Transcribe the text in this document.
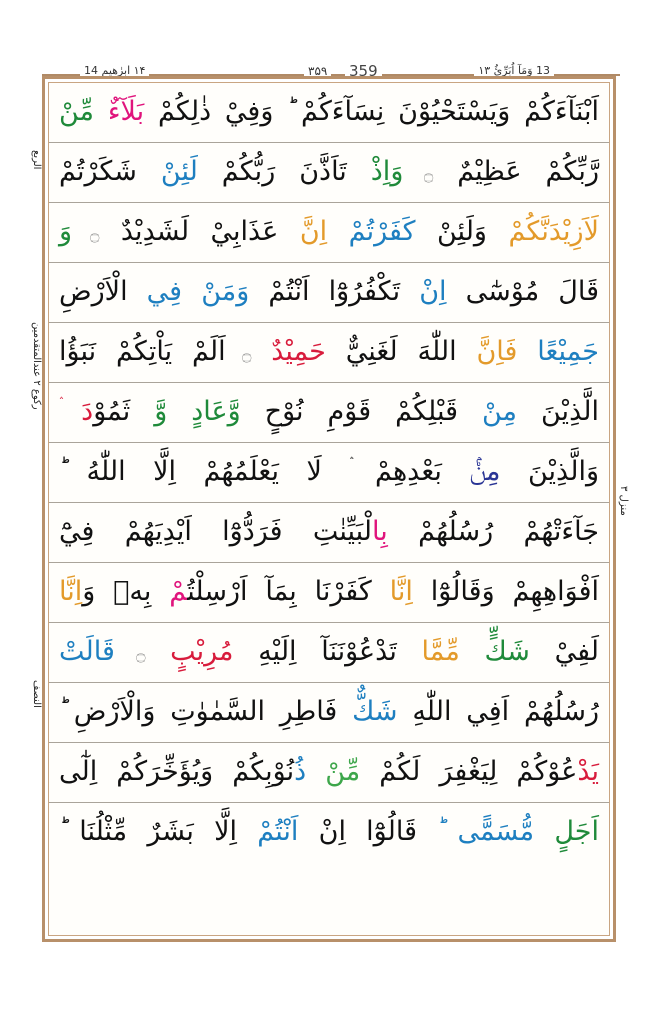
۱۴ ابرٰهیم 14	۳۵۹ 359	13 وَمَآ اُبَرِّئُ ۱۳
اَبْنَآءَكُمْ وَيَسْتَحْيُوْنَ نِسَآءَكُمْ ؕ وَفِيْ ذٰلِكُمْ بَلَآءٌ مِّنْ
رَّبِّكُمْ عَظِيْمٌ ۝ وَاِذْ تَاَذَّنَ رَبُّكُمْ لَئِنْ شَكَرْتُمْ
لَاَزِيْدَنَّكُمْ وَلَئِنْ كَفَرْتُمْ اِنَّ عَذَابِيْ لَشَدِيْدٌ ۝ وَ
قَالَ مُوْسٰٓى اِنْ تَكْفُرُوْٓا اَنْتُمْ وَمَنْ فِي الْاَرْضِ
جَمِيْعًا فَاِنَّ اللّٰهَ لَغَنِيٌّ حَمِيْدٌ ۝ اَلَمْ يَاْتِكُمْ نَبَؤُا
الَّذِيْنَ مِنْ قَبْلِكُمْ قَوْمِ نُوْحٍ وَّعَادٍ وَّ ثَمُوْدَ
وَالَّذِيْنَ مِنْۢ بَعْدِهِمْ ۛ لَا يَعْلَمُهُمْ اِلَّا اللّٰهُ ؕ
جَآءَتْهُمْ رُسُلُهُمْ بِالْبَيِّنٰتِ فَرَدُّوْٓا اَيْدِيَهُمْ فِيْٓ
اَفْوَاهِهِمْ وَقَالُوْٓا اِنَّا كَفَرْنَا بِمَآ اَرْسِلْتُمْ بِهٖ وَاِنَّا
لَفِيْ شَكٍّ مِّمَّا تَدْعُوْنَنَآ اِلَيْهِ مُرِيْبٍ ۝ قَالَتْ
رُسُلُهُمْ اَفِي اللّٰهِ شَكٌّ فَاطِرِ السَّمٰوٰتِ وَالْاَرْضِ ؕ
يَدْعُوْكُمْ لِيَغْفِرَ لَكُمْ مِّنْ ذُنُوْبِكُمْ وَيُؤَخِّرَكُمْ اِلٰٓى
اَجَلٍ مُّسَمًّى ؕ قَالُوْٓا اِنْ اَنْتُمْ اِلَّا بَشَرٌ مِّثْلُنَا ؕ
الربع
رکوع ۲ عندالمتقدمین
النصف
منزل ۳
